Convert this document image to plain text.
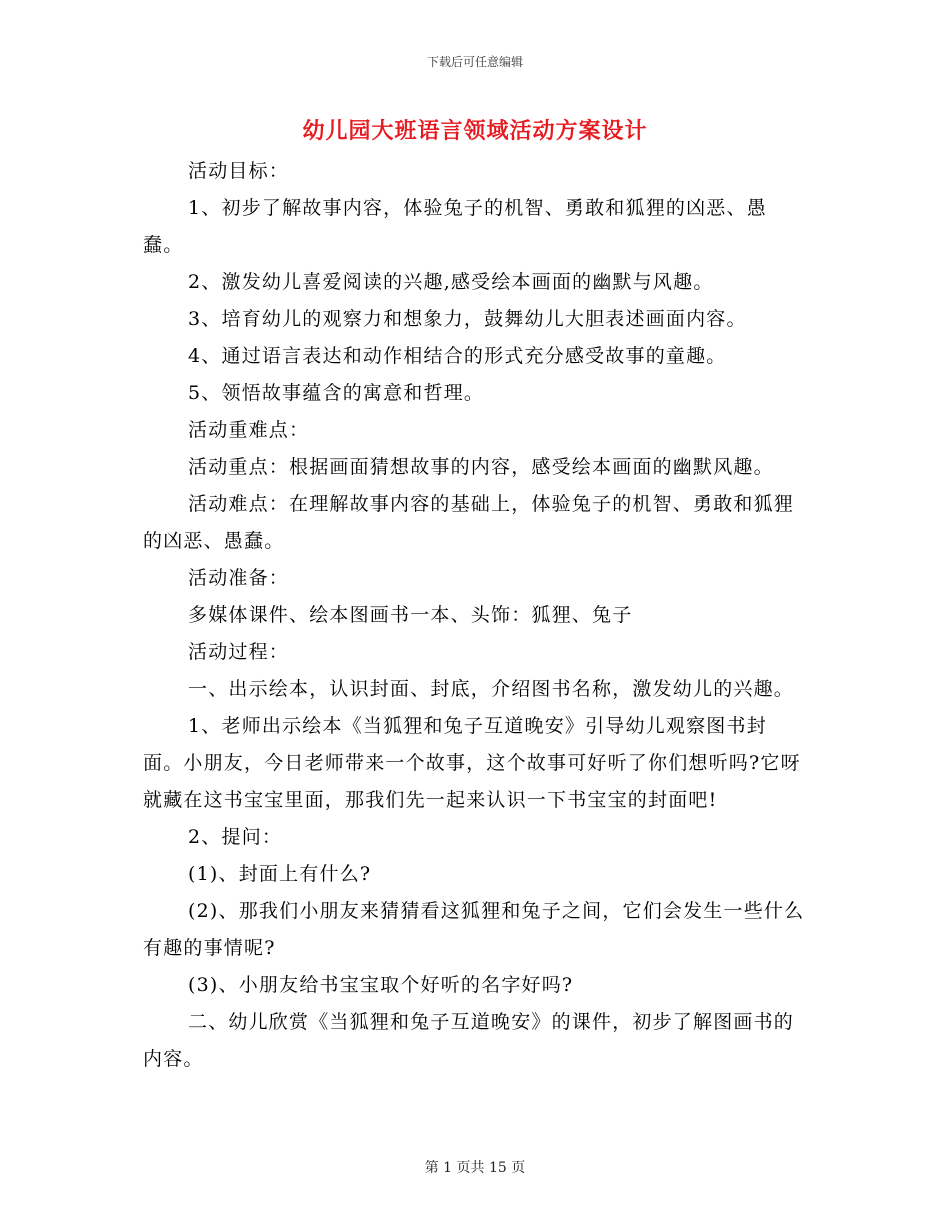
下载后可任意编辑
幼儿园大班语言领域活动方案设计

活动目标：

1、初步了解故事内容，体验兔子的机智、勇敢和狐狸的凶恶、愚蠢。

2、激发幼儿喜爱阅读的兴趣,感受绘本画面的幽默与风趣。

3、培育幼儿的观察力和想象力，鼓舞幼儿大胆表述画面内容。

4、通过语言表达和动作相结合的形式充分感受故事的童趣。

5、领悟故事蕴含的寓意和哲理。

活动重难点：

活动重点：根据画面猜想故事的内容，感受绘本画面的幽默风趣。

活动难点：在理解故事内容的基础上，体验兔子的机智、勇敢和狐狸的凶恶、愚蠢。

活动准备：

多媒体课件、绘本图画书一本、头饰：狐狸、兔子

活动过程：

一、出示绘本，认识封面、封底，介绍图书名称，激发幼儿的兴趣。

1、老师出示绘本《当狐狸和兔子互道晚安》引导幼儿观察图书封面。小朋友，今日老师带来一个故事，这个故事可好听了你们想听吗?它呀就藏在这书宝宝里面，那我们先一起来认识一下书宝宝的封面吧!

2、提问：

(1)、封面上有什么?

(2)、那我们小朋友来猜猜看这狐狸和兔子之间，它们会发生一些什么有趣的事情呢?

(3)、小朋友给书宝宝取个好听的名字好吗?

二、幼儿欣赏《当狐狸和兔子互道晚安》的课件，初步了解图画书的内容。

第 1 页共 15 页
